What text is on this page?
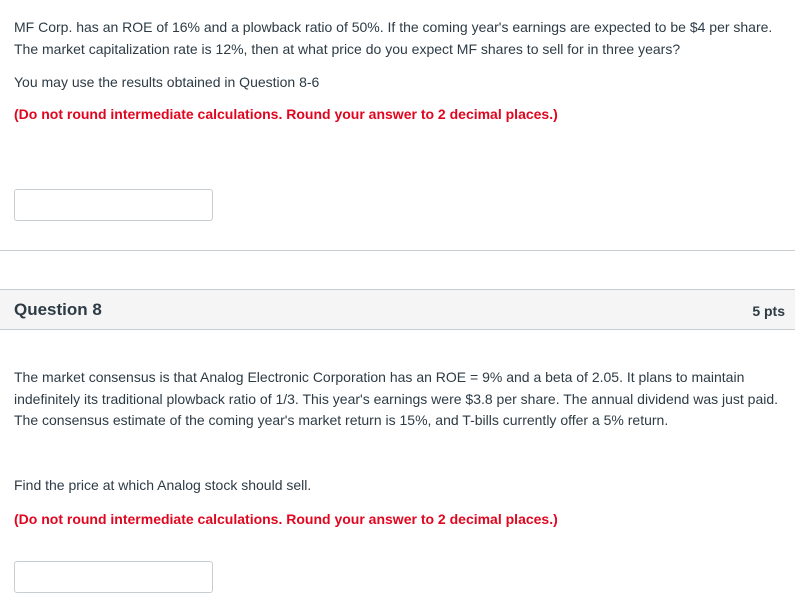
MF Corp. has an ROE of 16% and a plowback ratio of 50%. If the coming year's earnings are expected to be $4 per share. The market capitalization rate is 12%, then at what price do you expect MF shares to sell for in three years?

You may use the results obtained in Question 8-6

(Do not round intermediate calculations. Round your answer to 2 decimal places.)

Question 8	5 pts

The market consensus is that Analog Electronic Corporation has an ROE = 9% and a beta of 2.05. It plans to maintain indefinitely its traditional plowback ratio of 1/3. This year's earnings were $3.8 per share. The annual dividend was just paid. The consensus estimate of the coming year's market return is 15%, and T-bills currently offer a 5% return.

Find the price at which Analog stock should sell.

(Do not round intermediate calculations. Round your answer to 2 decimal places.)
